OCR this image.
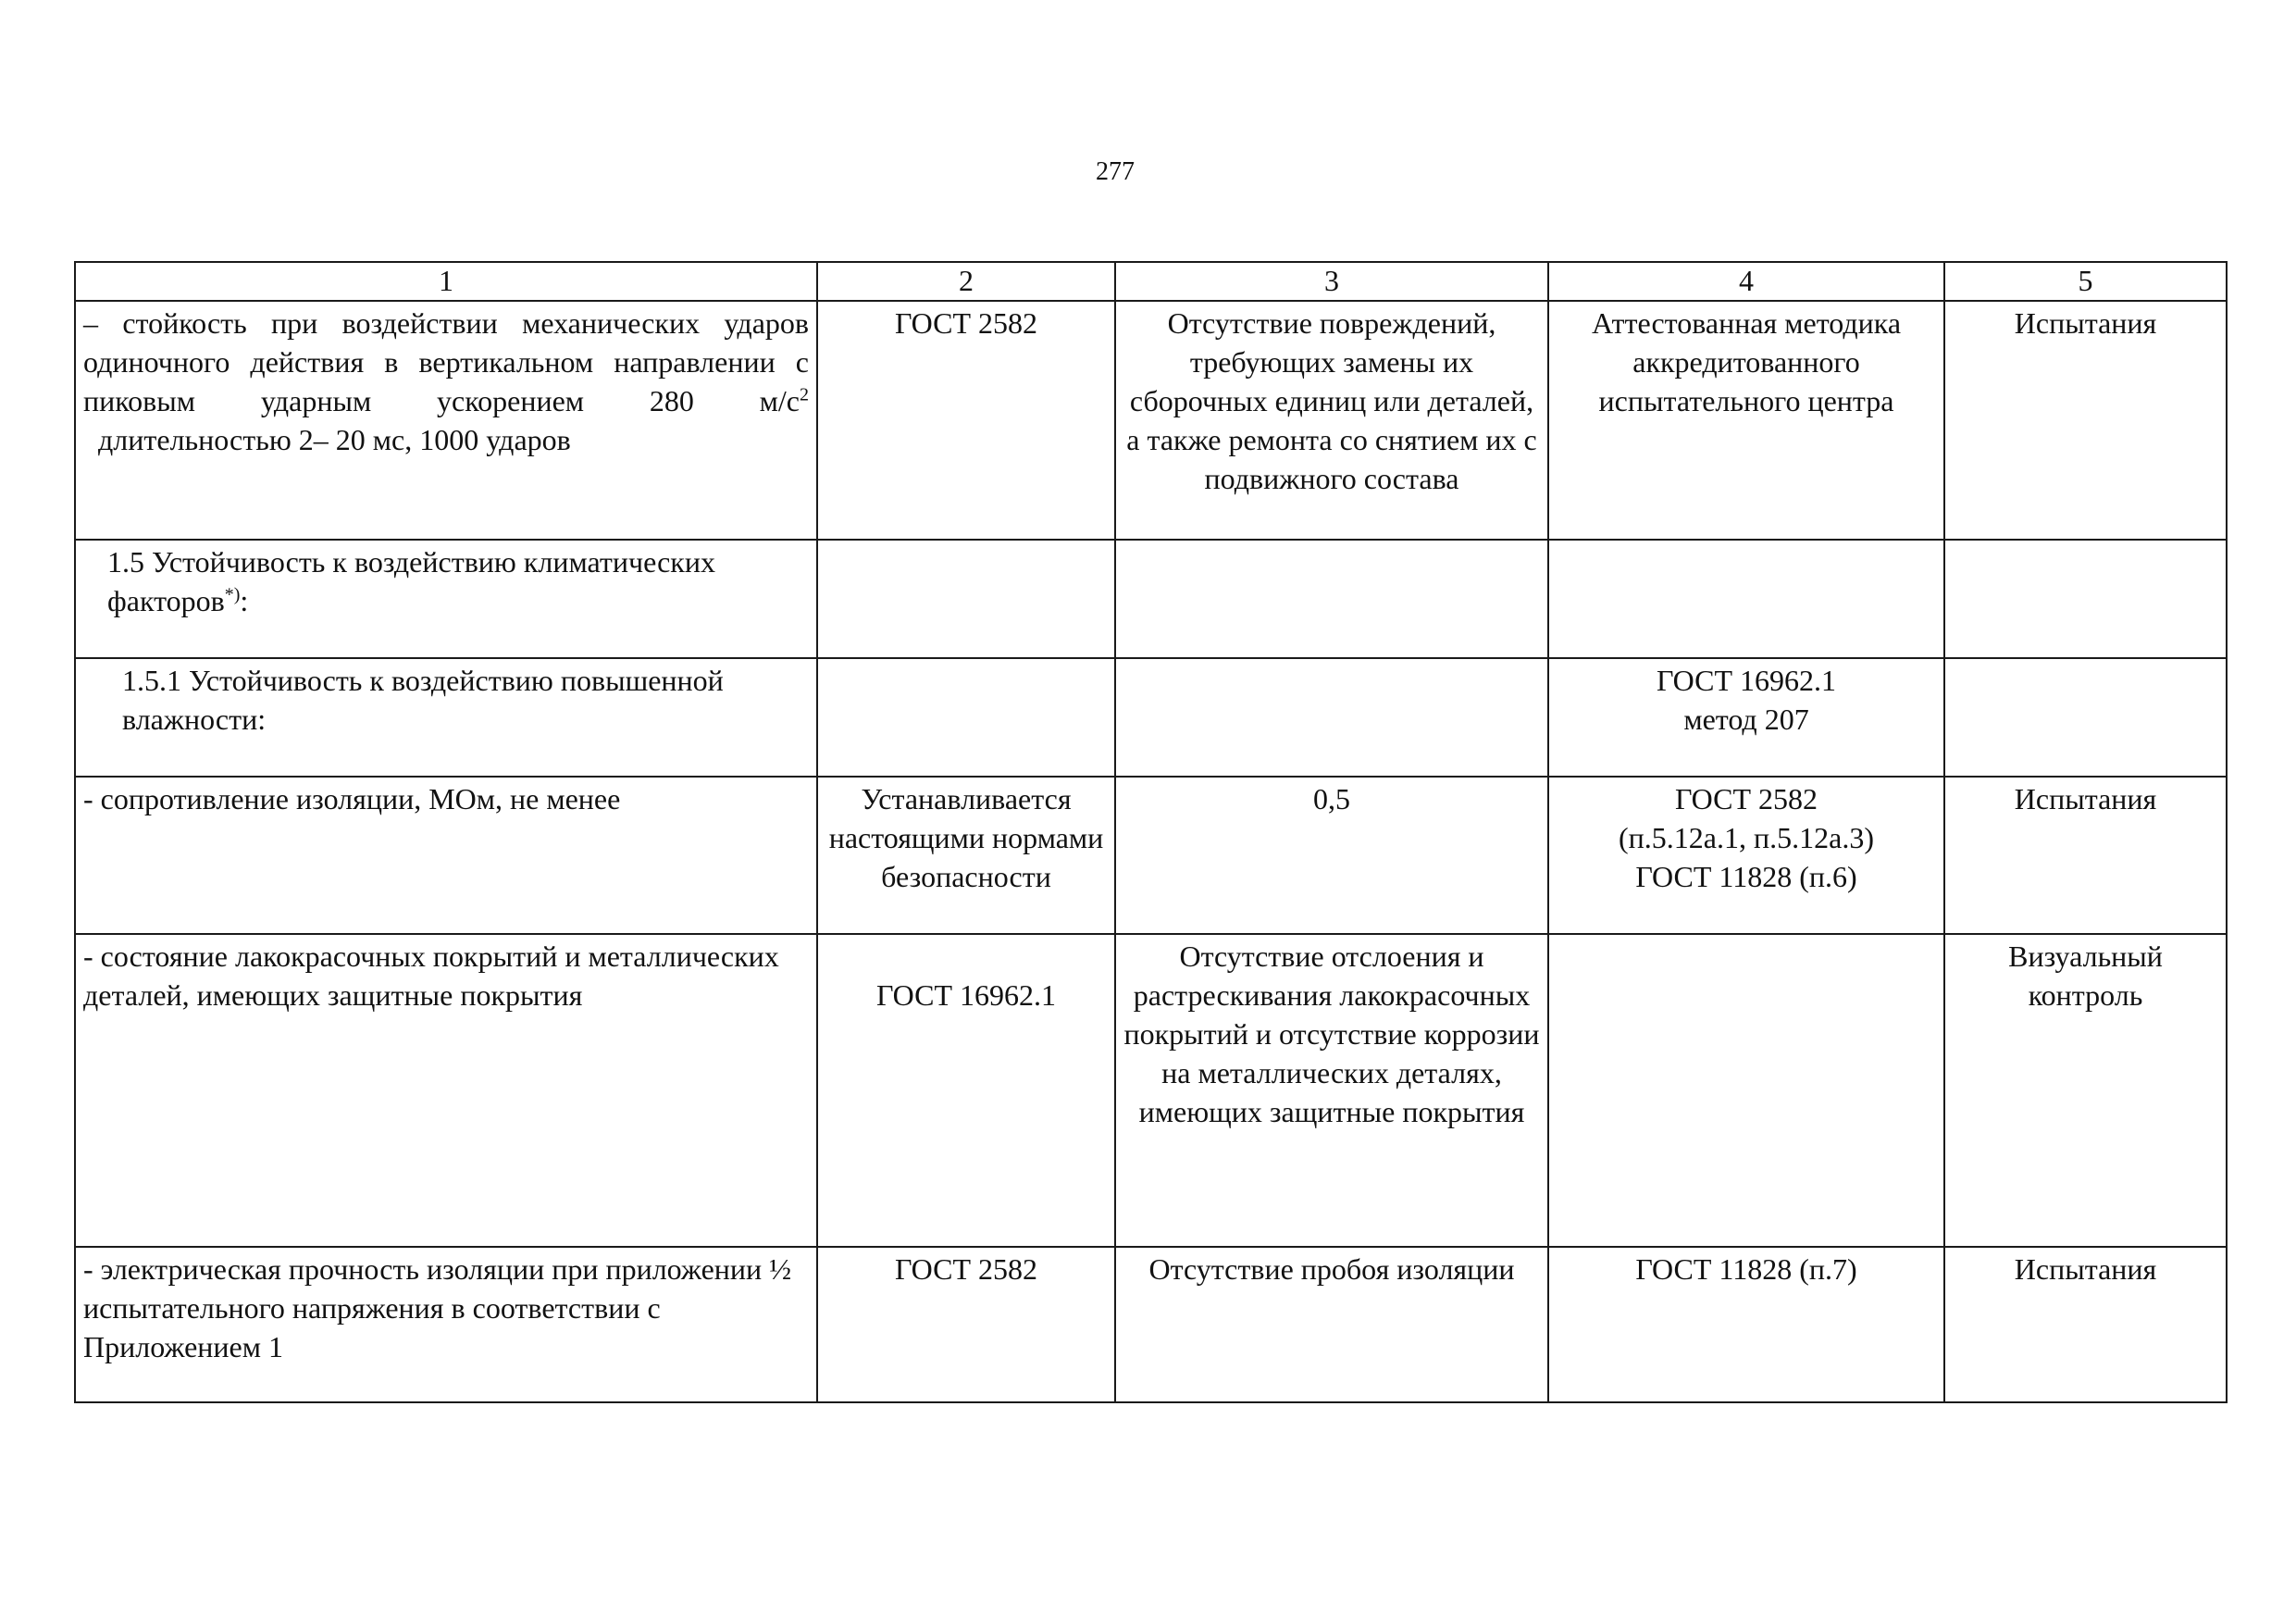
277
1	2	3	4	5
– стойкость при воздействии механических ударов одиночного действия в вертикальном направлении с пиковым ударным ускорением 280 $м/с^2$  длительностью 2– 20 мс, 1000 ударов	ГОСТ 2582	Отсутствие повреждений, требующих замены их сборочных единиц или деталей, а также ремонта со снятием их с подвижного состава	Аттестованная методика аккредитованного испытательного центра	Испытания
1.5 Устойчивость к воздействию климатических факторов*):				
1.5.1 Устойчивость к воздействию повышенной влажности:			ГОСТ 16962.1
метод 207	

- сопротивление изоляции, МОм, не менее	Устанавливается настоящими нормами безопасности	0,5	ГОСТ 2582
(п.5.12а.1, п.5.12а.3)
ГОСТ 11828 (п.6)	Испытания
- состояние лакокрасочных покрытий и металлических деталей, имеющих защитные покрытия	ГОСТ 16962.1	Отсутствие отслоения и растрескивания лакокрасочных покрытий и отсутствие коррозии на металлических деталях, имеющих защитные покрытия		Визуальный контроль
- электрическая прочность изоляции при приложении ½ испытательного напряжения в соответствии с Приложением 1	ГОСТ 2582	Отсутствие пробоя изоляции	ГОСТ 11828 (п.7)	Испытания
